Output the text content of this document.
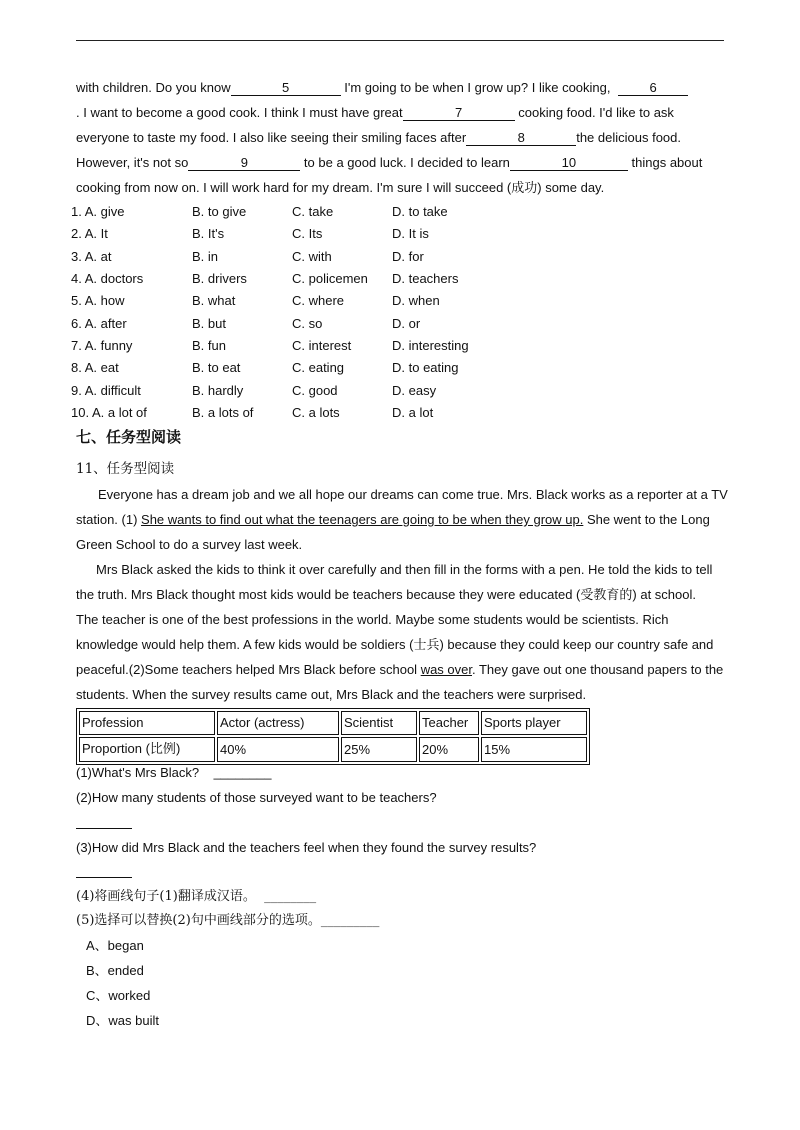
with children. Do you know	5	I'm going to be when I grow up? I like cooking,	6
. I want to become a good cook. I think I must have great	7	cooking food. I'd like to ask
everyone to taste my food. I also like seeing their smiling faces after	8	the delicious food.
However, it's not so	9	to be a good luck. I decided to learn	10	things about
cooking from now on. I will work hard for my dream. I'm sure I will succeed (成功) some day.
1. A. give	B. to give	C. take	D. to take
2. A. It	B. It's	C. Its	D. It is
3. A. at	B. in	C. with	D. for
4. A. doctors	B. drivers	C. policemen D. teachers
5. A. how	B. what	C. where	D. when
6. A. after	B. but	C. so	D. or
7. A. funny	B. fun	C. interest	D. interesting
8. A. eat	B. to eat	C. eating	D. to eating
9. A. difficult	B. hardly	C. good	D. easy
10. A. a lot of	B. a lots of	C. a lots	D. a lot
七、任务型阅读
11、任务型阅读
Everyone has a dream job and we all hope our dreams can come true. Mrs. Black works as a reporter at a TV
station. (1) She wants to find out what the teenagers are going to be when they grow up. She went to the Long
Green School to do a survey last week.
Mrs Black asked the kids to think it over carefully and then fill in the forms with a pen. He told the kids to tell
the truth. Mrs Black thought most kids would be teachers because they were educated (受教育的) at school.
The teacher is one of the best professions in the world. Maybe some students would be scientists. Rich
knowledge would help them. A few kids would be soldiers (士兵) because they could keep our country safe and
peaceful.(2)Some teachers helped Mrs Black before school was over. They gave out one thousand papers to the
students. When the survey results came out, Mrs Black and the teachers were surprised.
Profession	Actor (actress)	Scientist	Teacher	Sports player
Proportion (比例)	40%	25%	20%	15%
(1)What's Mrs Black? ________
(2)How many students of those surveyed want to be teachers?
(3)How did Mrs Black and the teachers feel when they found the survey results?
(4)将画线句子(1)翻译成汉语。 ________
(5)选择可以替换(2)句中画线部分的选项。_________
A、began
B、ended
C、worked
D、was built
